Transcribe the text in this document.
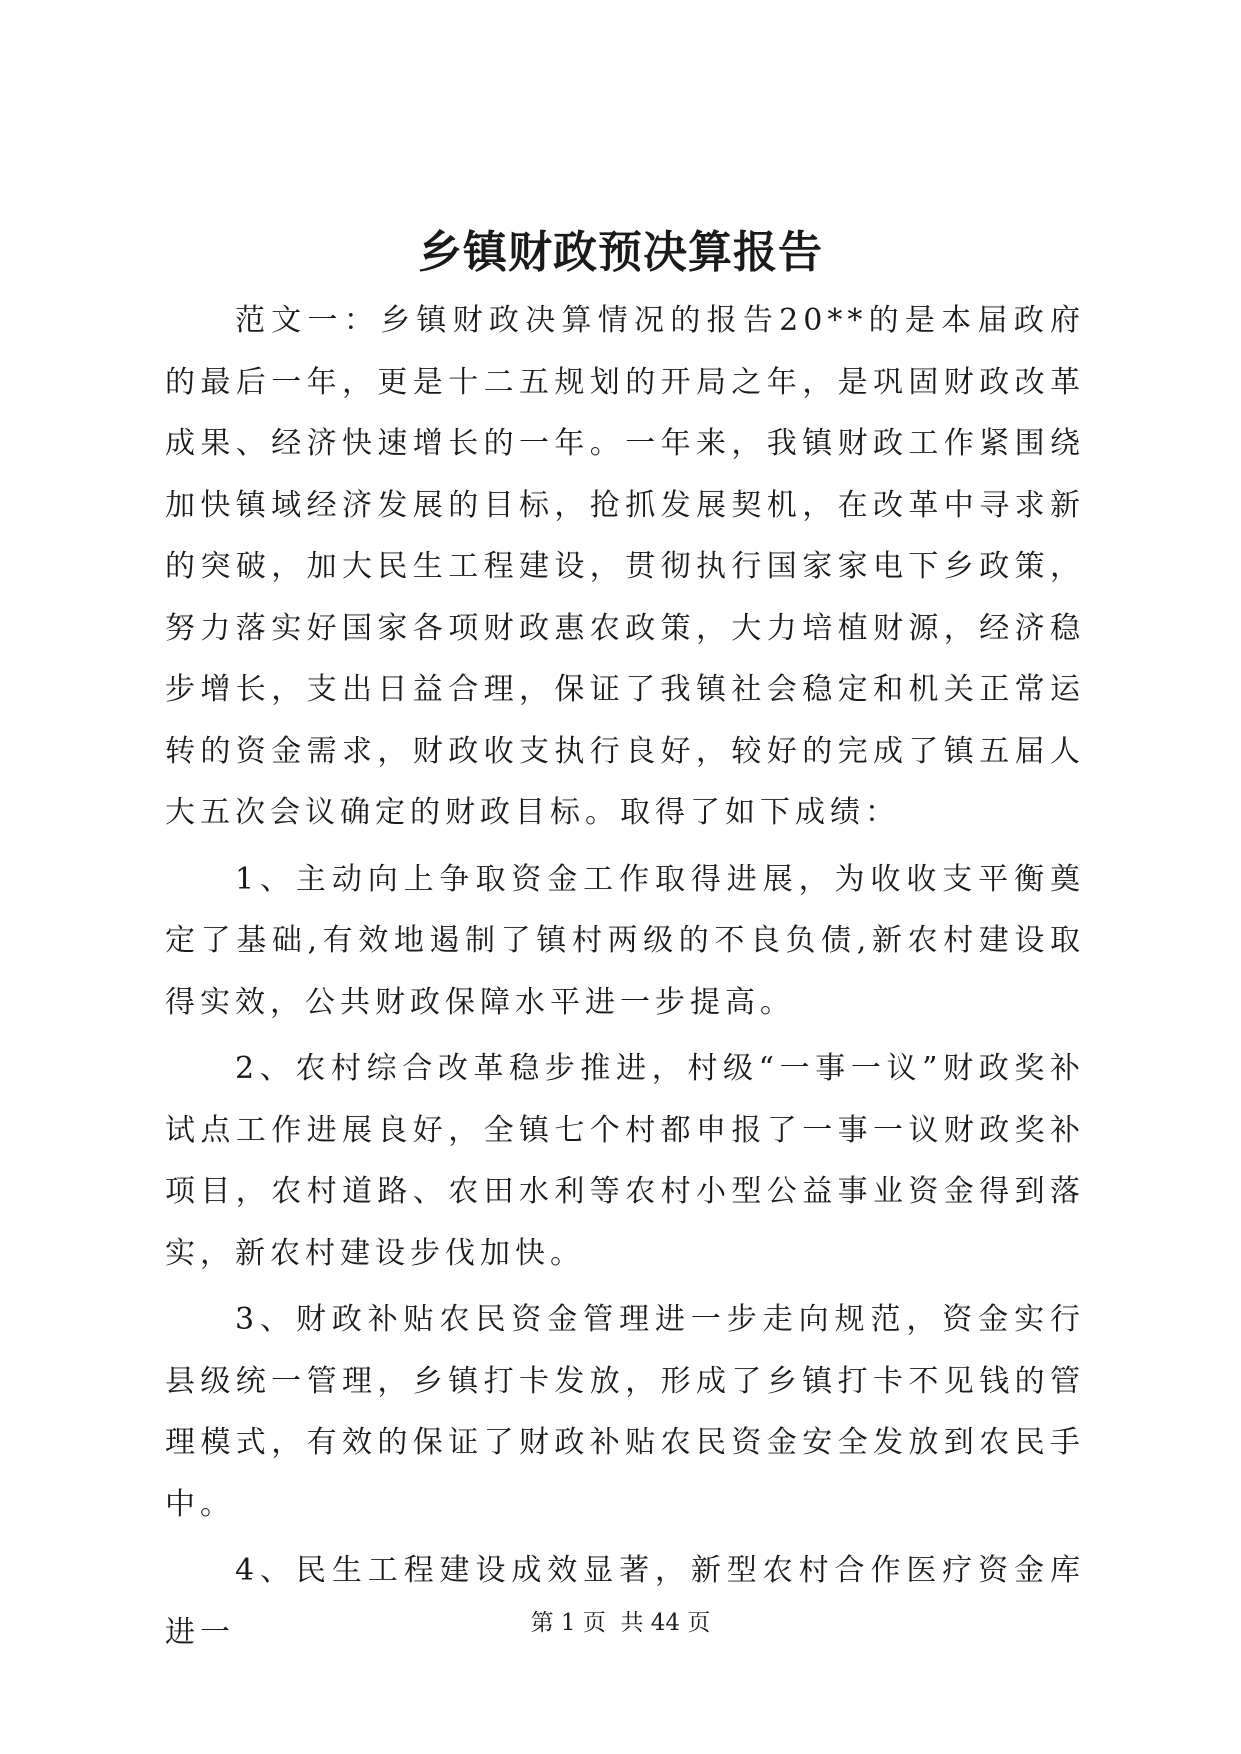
乡镇财政预决算报告

范文一：乡镇财政决算情况的报告20**的是本届政府的最后一年，更是十二五规划的开局之年，是巩固财政改革成果、经济快速增长的一年。一年来，我镇财政工作紧围绕加快镇域经济发展的目标，抢抓发展契机，在改革中寻求新的突破，加大民生工程建设，贯彻执行国家家电下乡政策，努力落实好国家各项财政惠农政策，大力培植财源，经济稳步增长，支出日益合理，保证了我镇社会稳定和机关正常运转的资金需求，财政收支执行良好，较好的完成了镇五届人大五次会议确定的财政目标。取得了如下成绩：

1、主动向上争取资金工作取得进展，为收收支平衡奠定了基础,有效地遏制了镇村两级的不良负债,新农村建设取得实效，公共财政保障水平进一步提高。

2、农村综合改革稳步推进，村级“一事一议”财政奖补试点工作进展良好，全镇七个村都申报了一事一议财政奖补项目，农村道路、农田水利等农村小型公益事业资金得到落实，新农村建设步伐加快。

3、财政补贴农民资金管理进一步走向规范，资金实行县级统一管理，乡镇打卡发放，形成了乡镇打卡不见钱的管理模式，有效的保证了财政补贴农民资金安全发放到农民手中。

4、民生工程建设成效显著，新型农村合作医疗资金库进一	第 1 页  共 44 页
